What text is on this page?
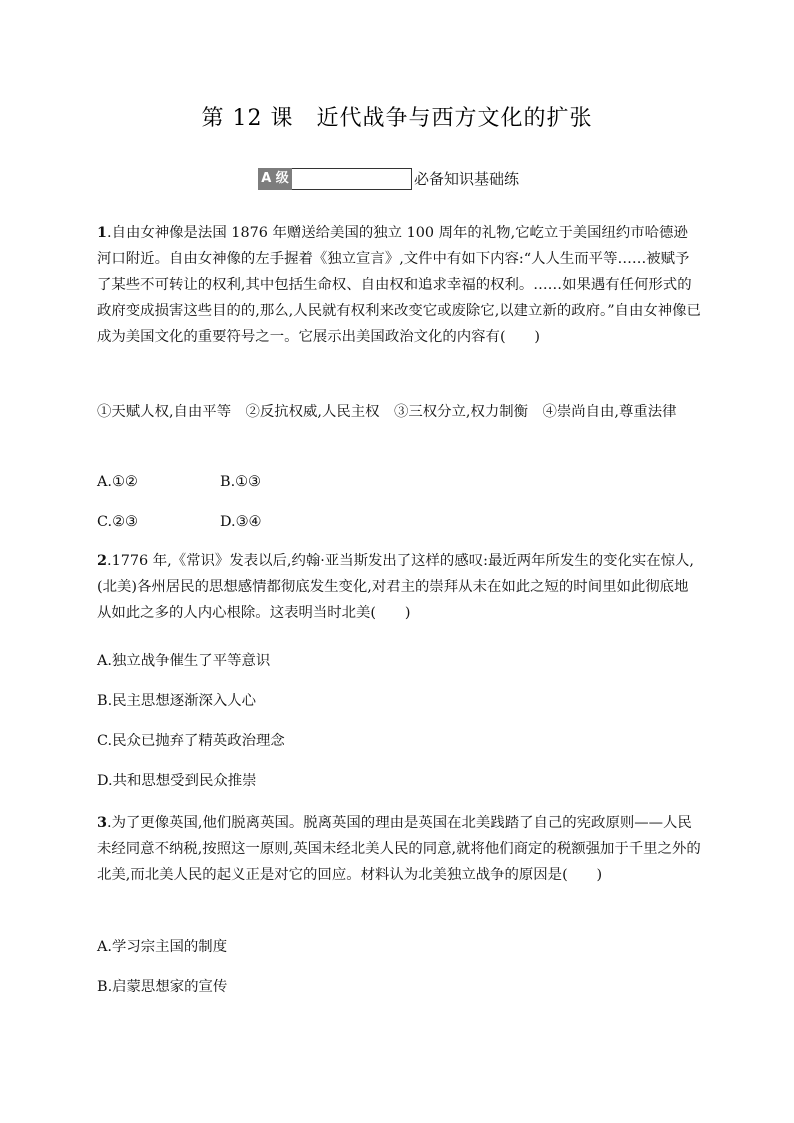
第 12 课　近代战争与西方文化的扩张
A 级	必备知识基础练
1.自由女神像是法国 1876 年赠送给美国的独立 100 周年的礼物,它屹立于美国纽约市哈德逊河口附近。自由女神像的左手握着《独立宣言》,文件中有如下内容:“人人生而平等……被赋予了某些不可转让的权利,其中包括生命权、自由权和追求幸福的权利。……如果遇有任何形式的政府变成损害这些目的的,那么,人民就有权利来改变它或废除它,以建立新的政府。”自由女神像已成为美国文化的重要符号之一。它展示出美国政治文化的内容有(　　)
①天赋人权,自由平等　②反抗权威,人民主权　③三权分立,权力制衡　④崇尚自由,尊重法律
A.①②	B.①③
C.②③	D.③④
2.1776 年,《常识》发表以后,约翰·亚当斯发出了这样的感叹:最近两年所发生的变化实在惊人,(北美)各州居民的思想感情都彻底发生变化,对君主的崇拜从未在如此之短的时间里如此彻底地从如此之多的人内心根除。这表明当时北美(　　)
A.独立战争催生了平等意识
B.民主思想逐渐深入人心
C.民众已抛弃了精英政治理念
D.共和思想受到民众推崇
3.为了更像英国,他们脱离英国。脱离英国的理由是英国在北美践踏了自己的宪政原则——人民未经同意不纳税,按照这一原则,英国未经北美人民的同意,就将他们商定的税额强加于千里之外的北美,而北美人民的起义正是对它的回应。材料认为北美独立战争的原因是(　　)
A.学习宗主国的制度
B.启蒙思想家的宣传
